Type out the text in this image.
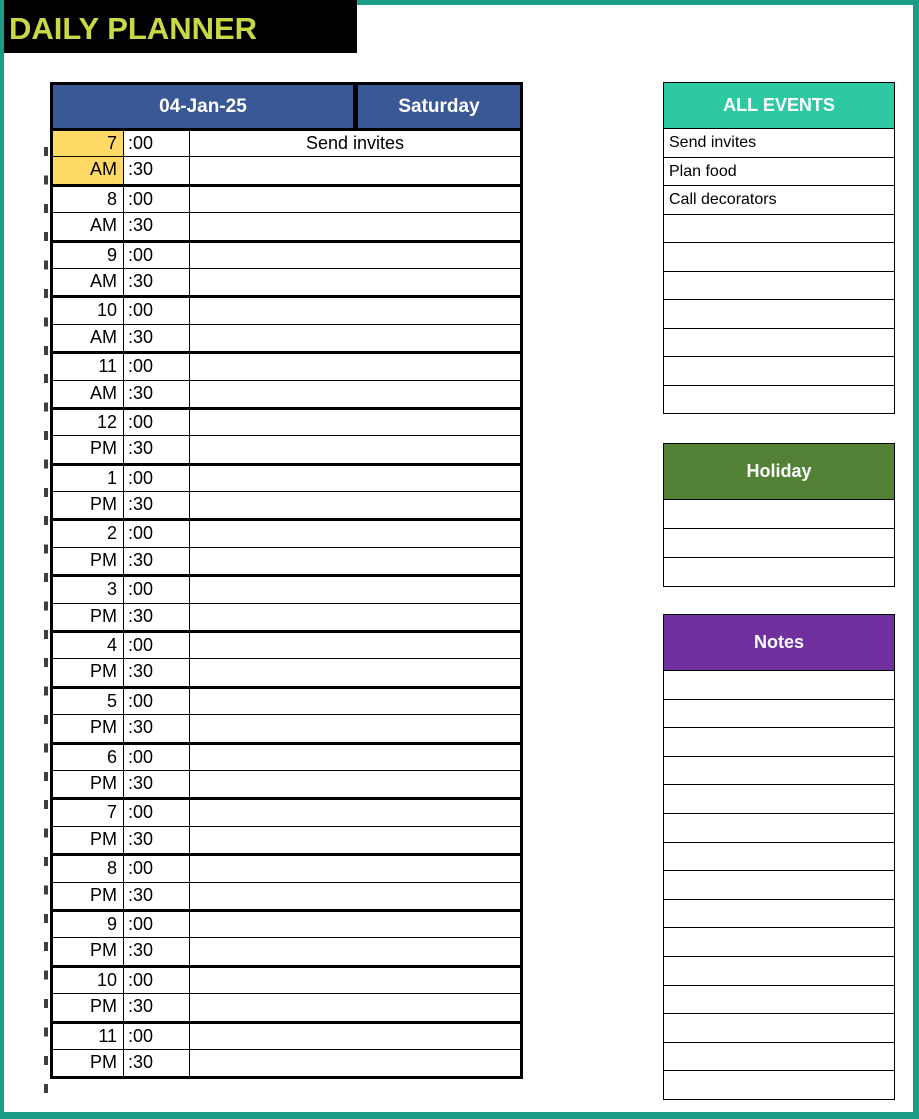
DAILY PLANNER
04-Jan-25	Saturday
7 :00	Send invites
AM :30
8 :00
AM :30
9 :00
AM :30
10 :00
AM :30
11 :00
AM :30
12 :00
PM :30
1 :00
PM :30
2 :00
PM :30
3 :00
PM :30
4 :00
PM :30
5 :00
PM :30
6 :00
PM :30
7 :00
PM :30
8 :00
PM :30
9 :00
PM :30
10 :00
PM :30
11 :00
PM :30
ALL EVENTS
Send invites
Plan food
Call decorators
Holiday
Notes
